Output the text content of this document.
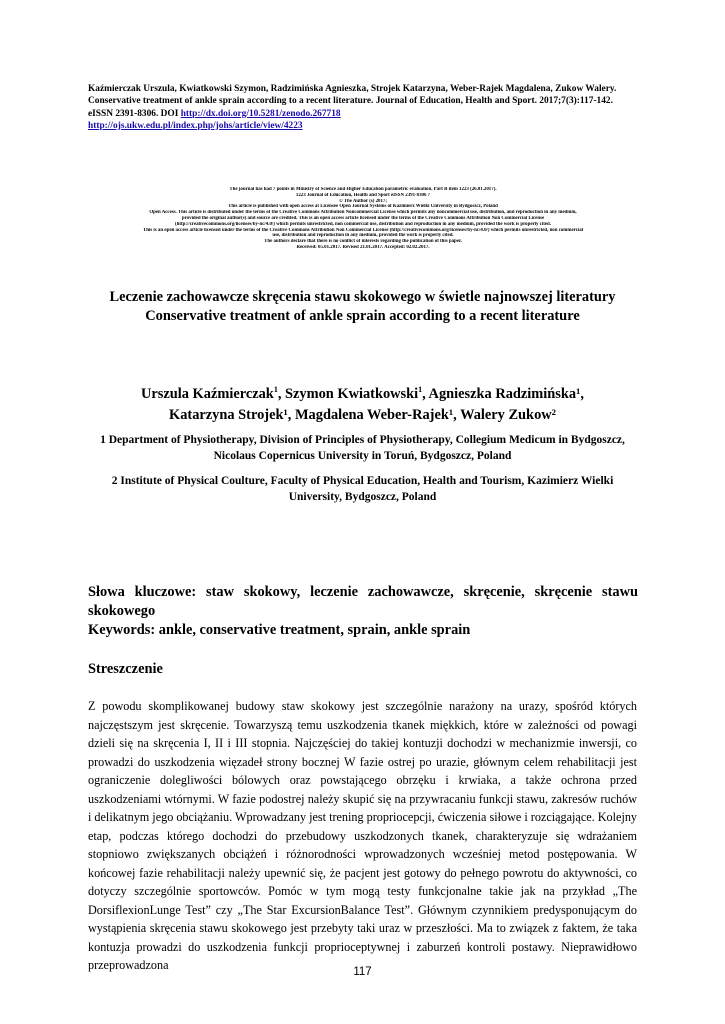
Kaźmierczak Urszula, Kwiatkowski Szymon, Radzimińska Agnieszka, Strojek Katarzyna, Weber-Rajek Magdalena, Zukow Walery.
Conservative treatment of ankle sprain according to a recent literature. Journal of Education, Health and Sport. 2017;7(3):117-142.
eISSN 2391-8306. DOI http://dx.doi.org/10.5281/zenodo.267718
http://ojs.ukw.edu.pl/index.php/johs/article/view/4223
The journal has had 7 points in Ministry of Science and Higher Education parametric evaluation. Part B item 1223 (26.01.2017).
1223 Journal of Education, Health and Sport eISSN 2391-8306 7
© The Author (s) 2017;
This article is published with open access at Licensee Open Journal Systems of Kazimierz Wielki University in Bydgoszcz, Poland
Open Access. This article is distributed under the terms of the Creative Commons Attribution Noncommercial License which permits any noncommercial use, distribution, and reproduction in any medium,
provided the original author(s) and source are credited. This is an open access article licensed under the terms of the Creative Commons Attribution Non Commercial License
(http://creativecommons.org/licenses/by-nc/4.0/) which permits unrestricted, non commercial use, distribution and reproduction in any medium, provided the work is properly cited.
This is an open access article licensed under the terms of the Creative Commons Attribution Non Commercial License (http://creativecommons.org/licenses/by-nc/4.0/) which permits unrestricted, non commercial
use, distribution and reproduction in any medium, provided the work is properly cited.
The authors declare that there is no conflict of interests regarding the publication of this paper.
Received: 05.01.2017. Revised 21.01.2017. Accepted: 02.02.2017.
Leczenie zachowawcze skręcenia stawu skokowego w świetle najnowszej literatury
Conservative treatment of ankle sprain according to a recent literature
Urszula Kaźmierczak$^1$, Szymon Kwiatkowski$^1$, Agnieszka Radzimińska¹,
Katarzyna Strojek¹, Magdalena Weber-Rajek¹, Walery Zukow²
1 Department of Physiotherapy, Division of Principles of Physiotherapy, Collegium Medicum in Bydgoszcz, Nicolaus Copernicus University in Toruń, Bydgoszcz, Poland
2 Institute of Physical Coulture, Faculty of Physical Education, Health and Tourism, Kazimierz Wielki University, Bydgoszcz, Poland
Słowa kluczowe: staw skokowy, leczenie zachowawcze, skręcenie, skręcenie stawu skokowego
Keywords: ankle, conservative treatment, sprain, ankle sprain
Streszczenie
Z powodu skomplikowanej budowy staw skokowy jest szczególnie narażony na urazy, spośród których najczęstszym jest skręcenie. Towarzyszą temu uszkodzenia tkanek miękkich, które w zależności od powagi dzieli się na skręcenia I, II i III stopnia. Najczęściej do takiej kontuzji dochodzi w mechanizmie inwersji, co prowadzi do uszkodzenia więzadeł strony bocznej W fazie ostrej po urazie, głównym celem rehabilitacji jest ograniczenie dolegliwości bólowych oraz powstającego obrzęku i krwiaka, a także ochrona przed uszkodzeniami wtórnymi. W fazie podostrej należy skupić się na przywracaniu funkcji stawu, zakresów ruchów i delikatnym jego obciążaniu. Wprowadzany jest trening propriocepcji, ćwiczenia siłowe i rozciągające. Kolejny etap, podczas którego dochodzi do przebudowy uszkodzonych tkanek, charakteryzuje się wdrażaniem stopniowo zwiększanych obciążeń i różnorodności wprowadzonych wcześniej metod postępowania. W końcowej fazie rehabilitacji należy upewnić się, że pacjent jest gotowy do pełnego powrotu do aktywności, co dotyczy szczególnie sportowców. Pomóc w tym mogą testy funkcjonalne takie jak na przykład „The DorsiflexionLunge Test” czy „The Star ExcursionBalance Test”. Głównym czynnikiem predysponującym do wystąpienia skręcenia stawu skokowego jest przebyty taki uraz w przeszłości. Ma to związek z faktem, że taka kontuzja prowadzi do uszkodzenia funkcji proprioceptywnej i zaburzeń kontroli postawy. Nieprawidłowo przeprowadzona	117
